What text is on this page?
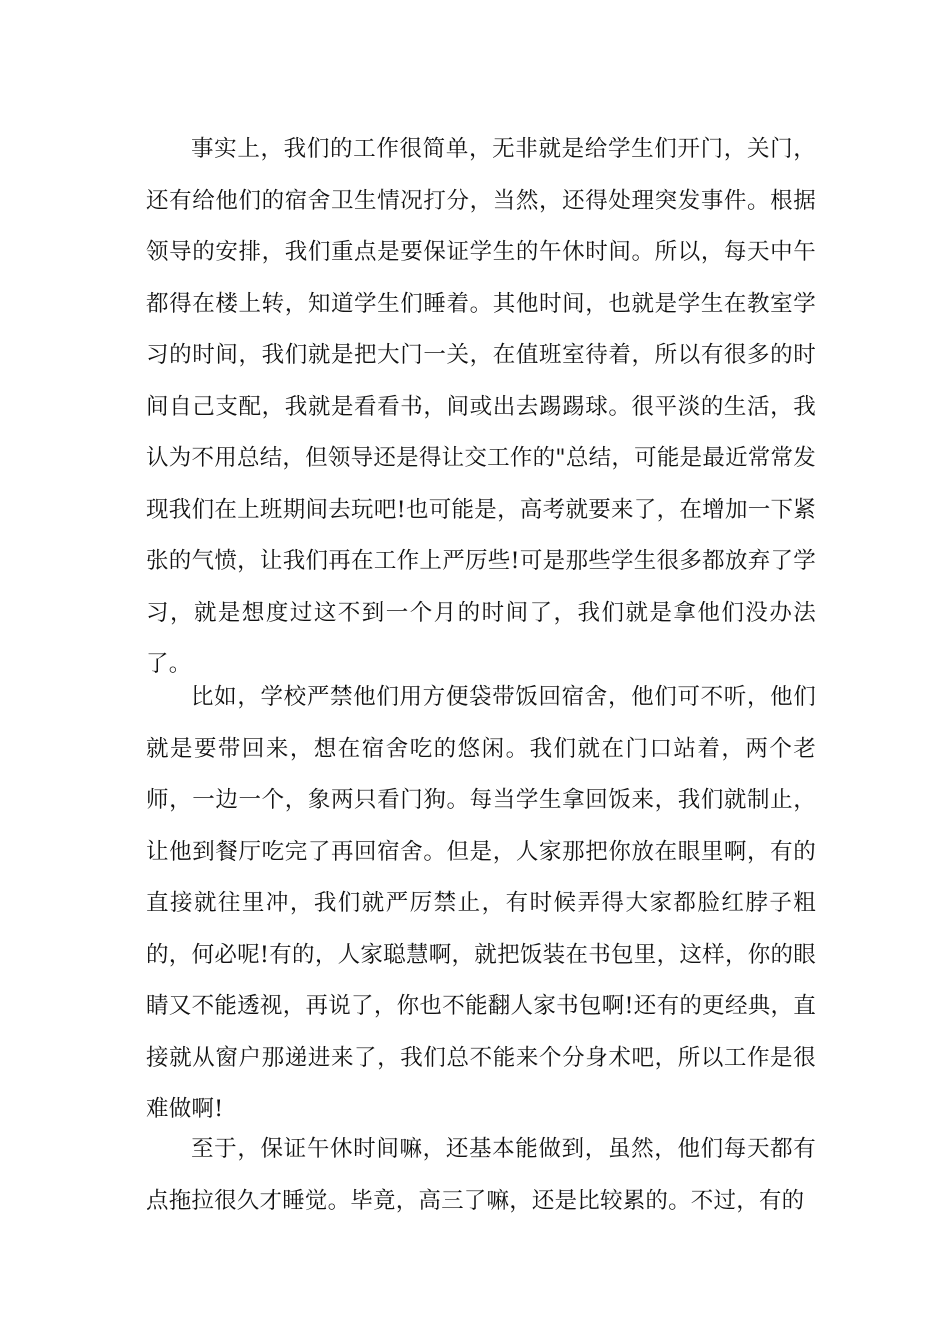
事实上，我们的工作很简单，无非就是给学生们开门，关门，还有给他们的宿舍卫生情况打分，当然，还得处理突发事件。根据领导的安排，我们重点是要保证学生的午休时间。所以，每天中午都得在楼上转，知道学生们睡着。其他时间，也就是学生在教室学习的时间，我们就是把大门一关，在值班室待着，所以有很多的时间自己支配，我就是看看书，间或出去踢踢球。很平淡的生活，我认为不用总结，但领导还是得让交工作的"总结，可能是最近常常发现我们在上班期间去玩吧!也可能是，高考就要来了，在增加一下紧张的气愤，让我们再在工作上严厉些!可是那些学生很多都放弃了学习，就是想度过这不到一个月的时间了，我们就是拿他们没办法了。

比如，学校严禁他们用方便袋带饭回宿舍，他们可不听，他们就是要带回来，想在宿舍吃的悠闲。我们就在门口站着，两个老师，一边一个，象两只看门狗。每当学生拿回饭来，我们就制止，让他到餐厅吃完了再回宿舍。但是，人家那把你放在眼里啊，有的直接就往里冲，我们就严厉禁止，有时候弄得大家都脸红脖子粗的，何必呢!有的，人家聪慧啊，就把饭装在书包里，这样，你的眼睛又不能透视，再说了，你也不能翻人家书包啊!还有的更经典，直接就从窗户那递进来了，我们总不能来个分身术吧，所以工作是很难做啊!

至于，保证午休时间嘛，还基本能做到，虽然，他们每天都有点拖拉很久才睡觉。毕竟，高三了嘛，还是比较累的。不过，有的
